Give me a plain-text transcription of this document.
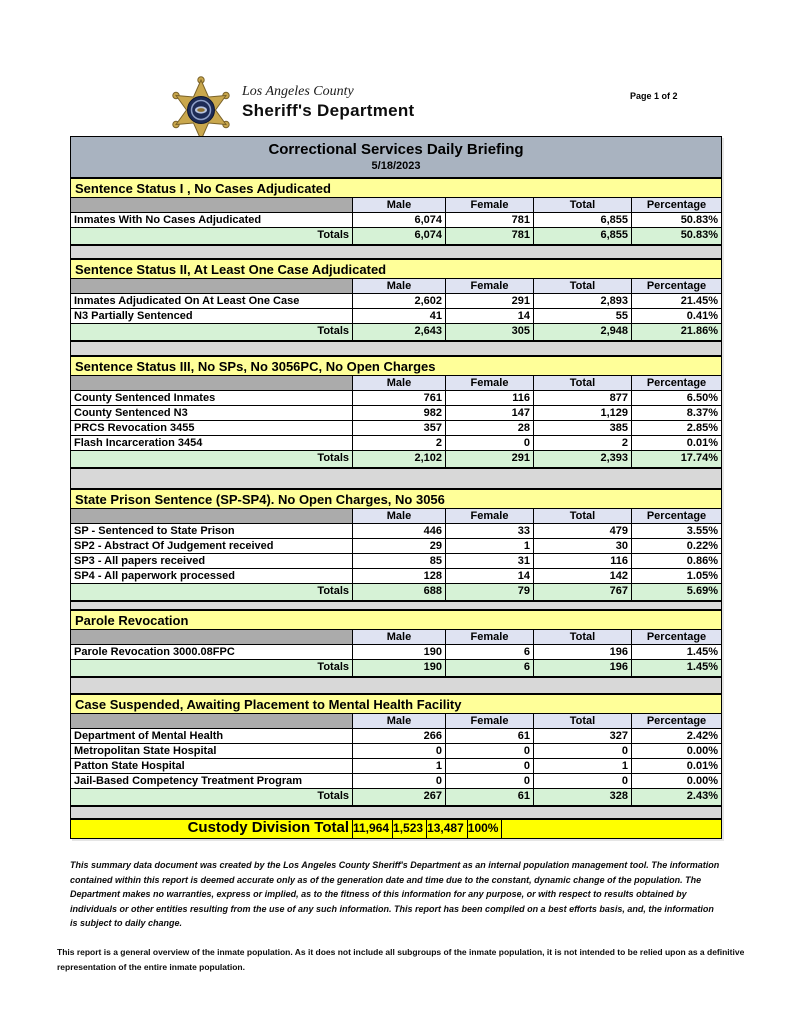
Los Angeles County
Sheriff's Department
Page 1 of 2
Correctional Services Daily Briefing
5/18/2023
Sentence Status I , No Cases Adjudicated
Male	Female	Total	Percentage
Inmates With No Cases Adjudicated	6,074	781	6,855	50.83%
Totals	6,074	781	6,855	50.83%
Sentence Status II, At Least One Case Adjudicated
Male	Female	Total	Percentage
Inmates Adjudicated On At Least One Case	2,602	291	2,893	21.45%
N3 Partially Sentenced	41	14	55	0.41%
Totals	2,643	305	2,948	21.86%
Sentence Status III, No SPs, No 3056PC, No Open Charges
Male	Female	Total	Percentage
County Sentenced Inmates	761	116	877	6.50%
County Sentenced N3	982	147	1,129	8.37%
PRCS Revocation 3455	357	28	385	2.85%
Flash Incarceration 3454	2	0	2	0.01%
Totals	2,102	291	2,393	17.74%
State Prison Sentence (SP-SP4). No Open Charges, No 3056
Male	Female	Total	Percentage
SP - Sentenced to State Prison	446	33	479	3.55%
SP2 - Abstract Of Judgement received	29	1	30	0.22%
SP3 - All papers received	85	31	116	0.86%
SP4 - All paperwork processed	128	14	142	1.05%
Totals	688	79	767	5.69%
Parole Revocation
Male	Female	Total	Percentage
Parole Revocation 3000.08FPC	190	6	196	1.45%
Totals	190	6	196	1.45%
Case Suspended, Awaiting Placement to Mental Health Facility
Male	Female	Total	Percentage
Department of Mental Health	266	61	327	2.42%
Metropolitan State Hospital	0	0	0	0.00%
Patton State Hospital	1	0	1	0.01%
Jail-Based Competency Treatment Program	0	0	0	0.00%
Totals	267	61	328	2.43%
Custody Division Total 11,964 1,523 13,487 100%

This summary data document was created by the Los Angeles County Sheriff's Department as an internal population management tool. The information contained within this report is deemed accurate only as of the generation date and time due to the constant, dynamic change of the population. The Department makes no warranties, express or implied, as to the fitness of this information for any purpose, or with respect to results obtained by individuals or other entities resulting from the use of any such information. This report has been compiled on a best efforts basis, and, the information is subject to daily change.

This report is a general overview of the inmate population. As it does not include all subgroups of the inmate population, it is not intended to be relied upon as a definitive representation of the entire inmate population.
